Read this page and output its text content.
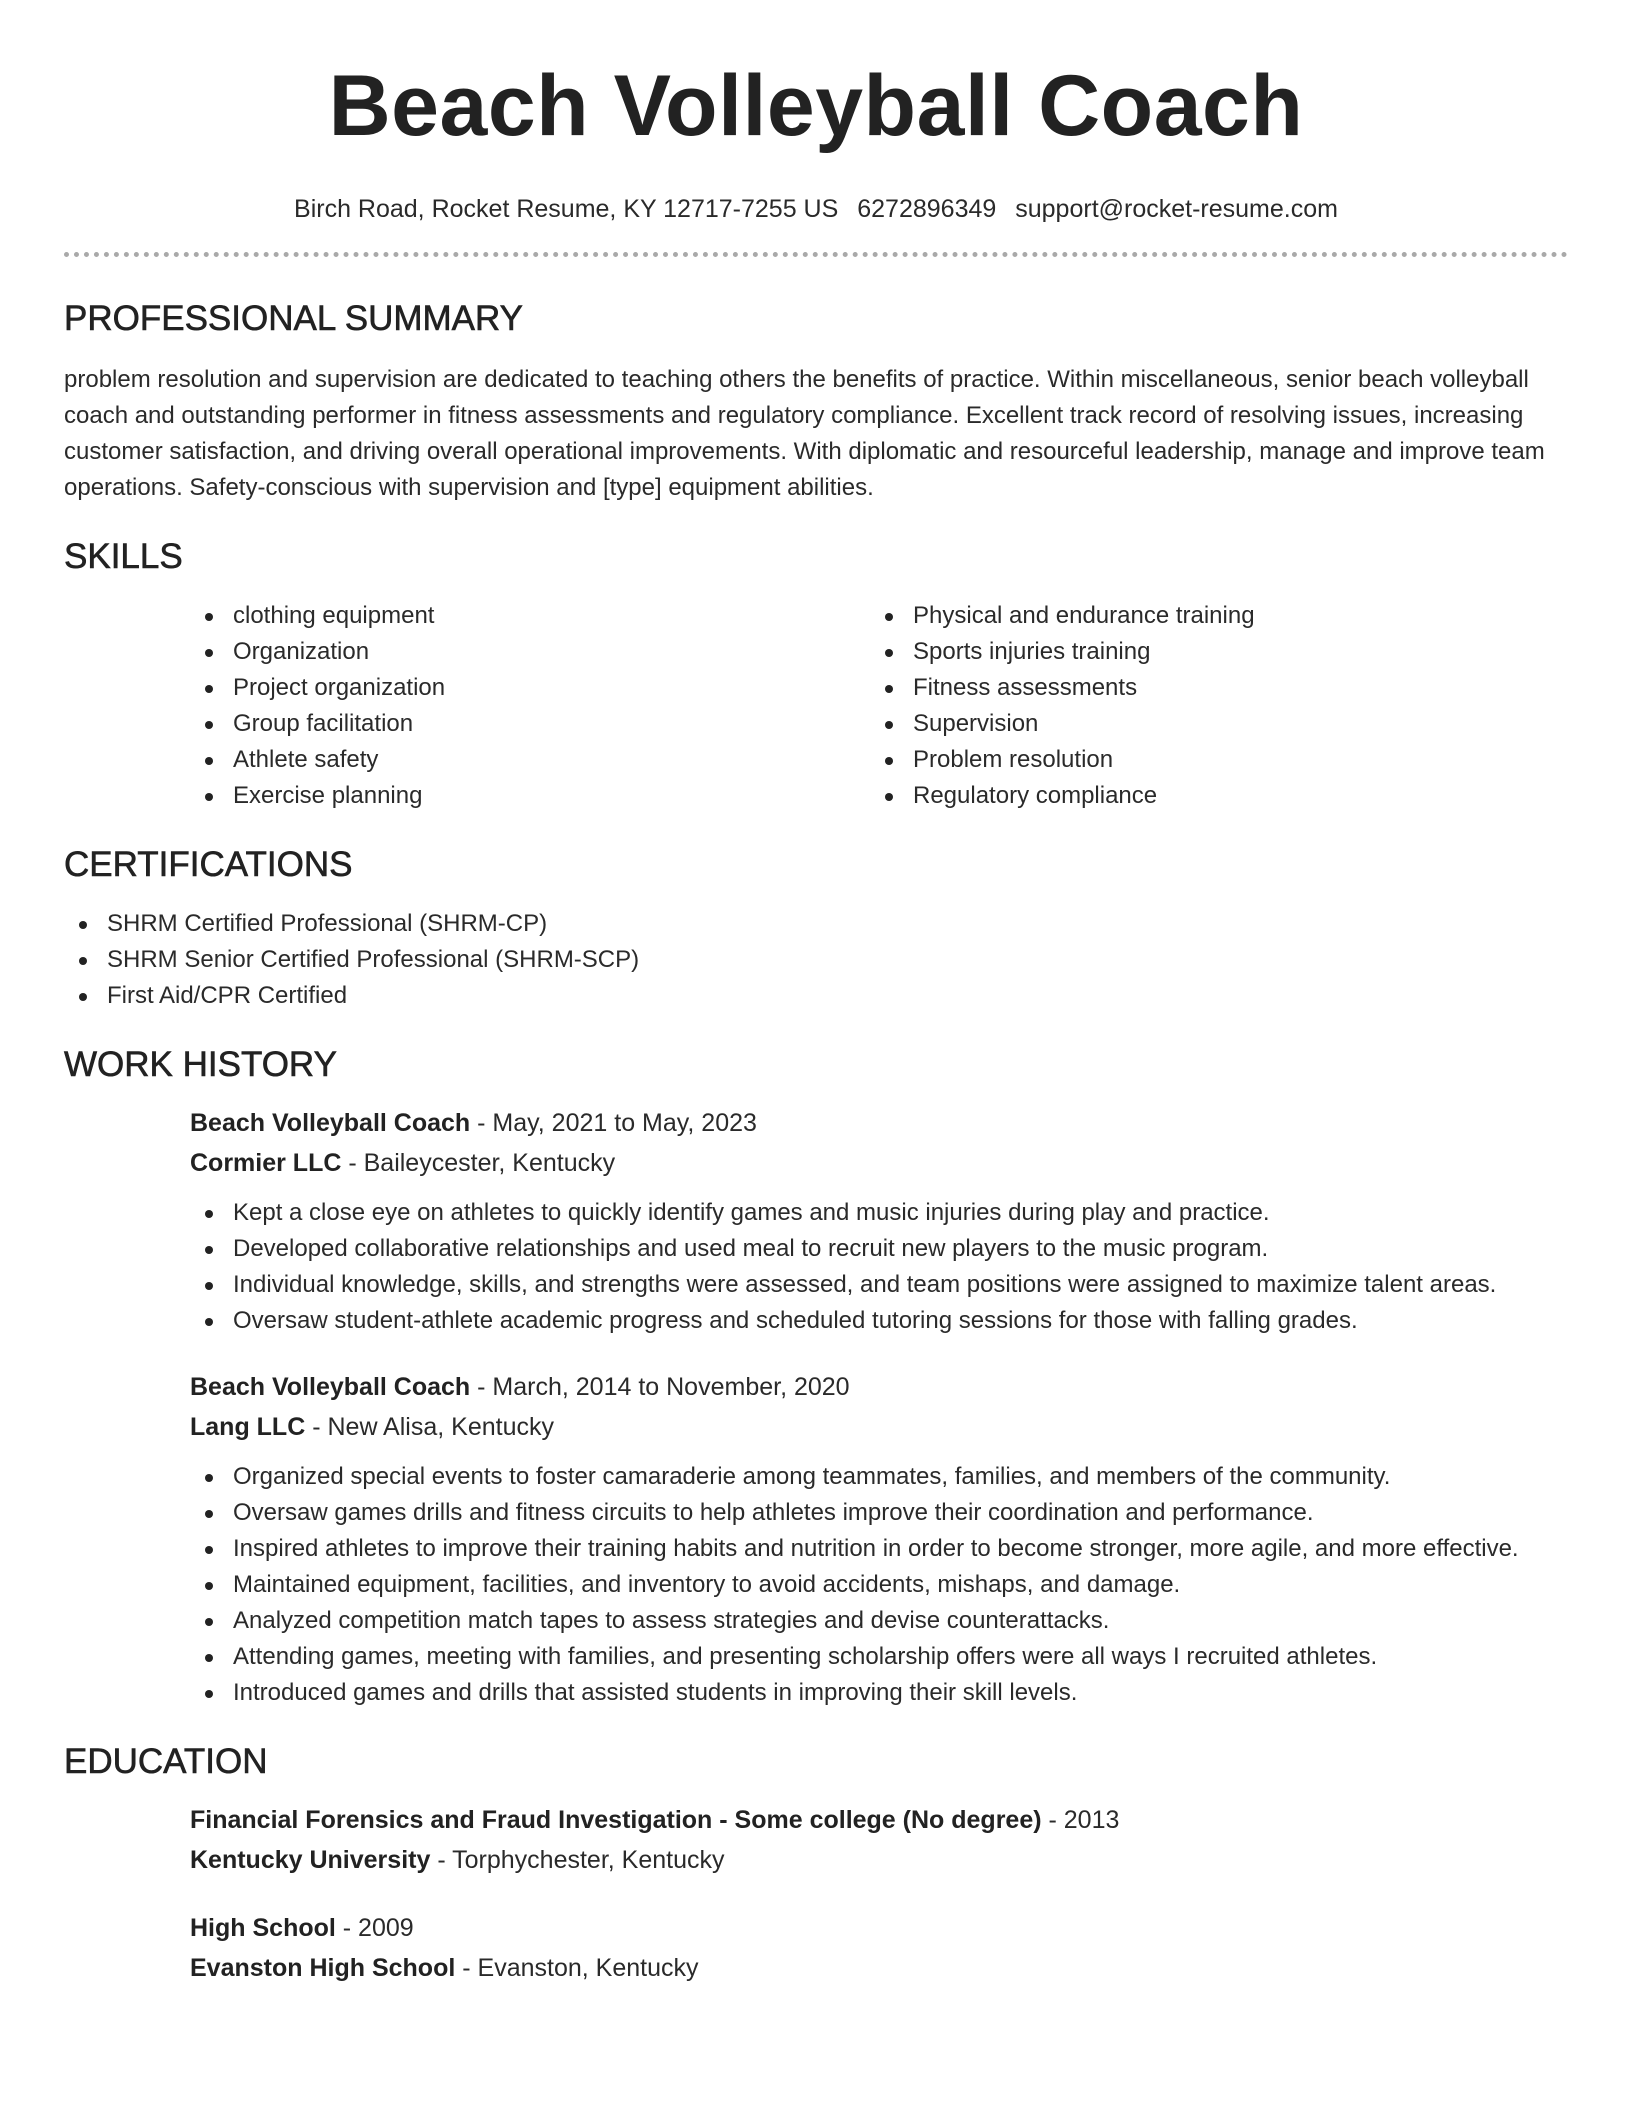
Beach Volleyball Coach
Birch Road, Rocket Resume, KY 12717-7255 US 6272896349 support@rocket-resume.com
PROFESSIONAL SUMMARY

problem resolution and supervision are dedicated to teaching others the benefits of practice. Within miscellaneous, senior beach volleyball coach and outstanding performer in fitness assessments and regulatory compliance. Excellent track record of resolving issues, increasing customer satisfaction, and driving overall operational improvements. With diplomatic and resourceful leadership, manage and improve team operations. Safety-conscious with supervision and [type] equipment abilities.

SKILLS
clothing equipment
Organization
Project organization
Group facilitation
Athlete safety
Exercise planning
Physical and endurance training
Sports injuries training
Fitness assessments
Supervision
Problem resolution
Regulatory compliance
CERTIFICATIONS
SHRM Certified Professional (SHRM-CP)
SHRM Senior Certified Professional (SHRM-SCP)
First Aid/CPR Certified
WORK HISTORY
Beach Volleyball Coach - May, 2021 to May, 2023
Cormier LLC - Baileycester, Kentucky
Kept a close eye on athletes to quickly identify games and music injuries during play and practice.
Developed collaborative relationships and used meal to recruit new players to the music program.
Individual knowledge, skills, and strengths were assessed, and team positions were assigned to maximize talent areas.
Oversaw student-athlete academic progress and scheduled tutoring sessions for those with falling grades.
Beach Volleyball Coach - March, 2014 to November, 2020
Lang LLC - New Alisa, Kentucky
Organized special events to foster camaraderie among teammates, families, and members of the community.
Oversaw games drills and fitness circuits to help athletes improve their coordination and performance.
Inspired athletes to improve their training habits and nutrition in order to become stronger, more agile, and more effective.
Maintained equipment, facilities, and inventory to avoid accidents, mishaps, and damage.
Analyzed competition match tapes to assess strategies and devise counterattacks.
Attending games, meeting with families, and presenting scholarship offers were all ways I recruited athletes.
Introduced games and drills that assisted students in improving their skill levels.
EDUCATION
Financial Forensics and Fraud Investigation - Some college (No degree) - 2013
Kentucky University - Torphychester, Kentucky
High School - 2009
Evanston High School - Evanston, Kentucky
